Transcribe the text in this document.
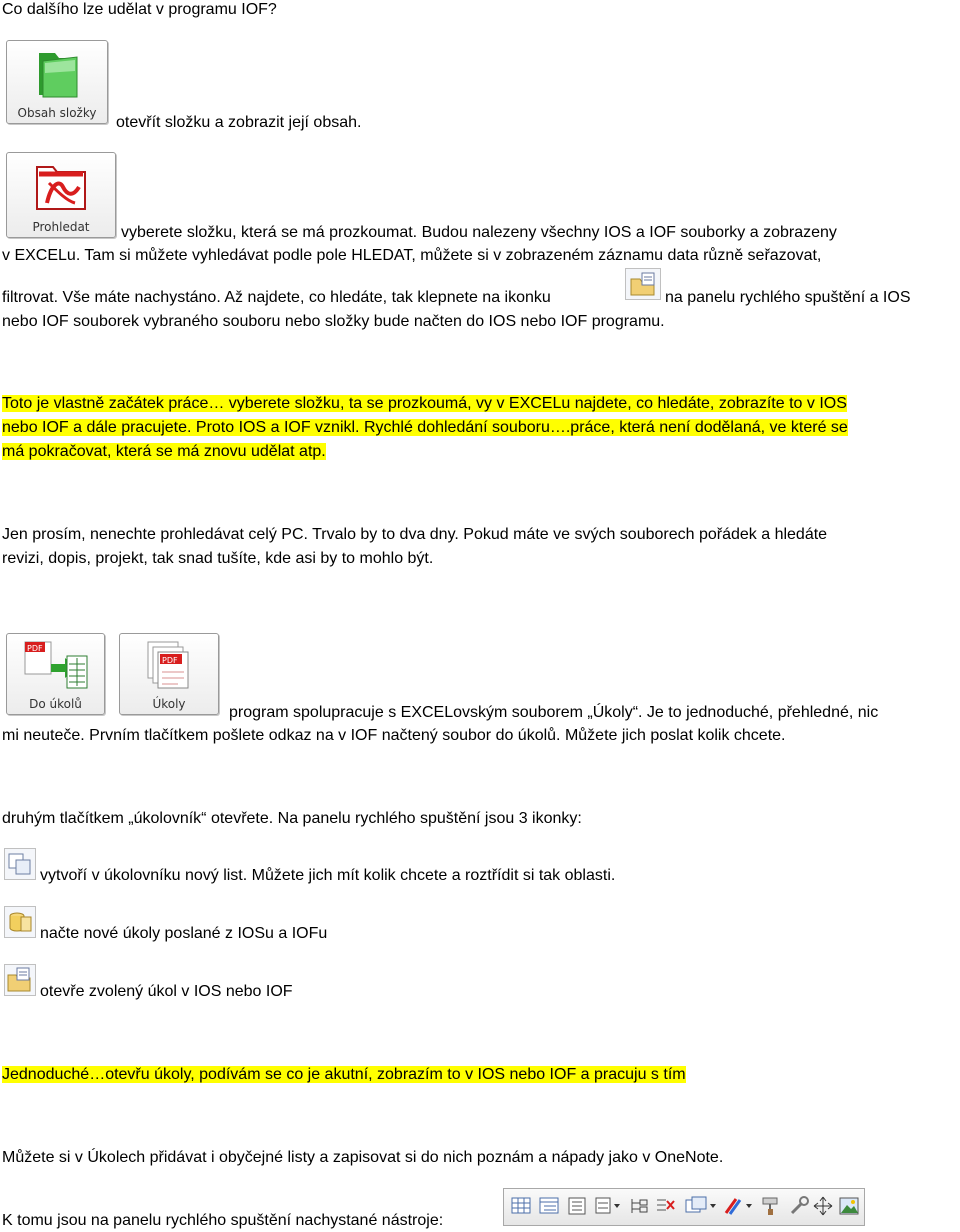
Co dalšího lze udělat v programu IOF?
Obsah složky
otevřít složku a zobrazit její obsah.
Prohledat	vyberete složku, která se má prozkoumat. Budou nalezeny všechny IOS a IOF souborky a zobrazeny
v EXCELu. Tam si můžete vyhledávat podle pole HLEDAT, můžete si v zobrazeném záznamu data různě seřazovat,
filtrovat. Vše máte nachystáno. Až najdete, co hledáte, tak klepnete na ikonku	na panelu rychlého spuštění a IOS
nebo IOF souborek vybraného souboru nebo složky bude načten do IOS nebo IOF programu.
Toto je vlastně začátek práce… vyberete složku, ta se prozkoumá, vy v EXCELu najdete, co hledáte, zobrazíte to v IOS
nebo IOF a dále pracujete. Proto IOS a IOF vznikl. Rychlé dohledání souboru….práce, která není dodělaná, ve které se
má pokračovat, která se má znovu udělat atp.
Jen prosím, nenechte prohledávat celý PC. Trvalo by to dva dny. Pokud máte ve svých souborech pořádek a hledáte
revizi, dopis, projekt, tak snad tušíte, kde asi by to mohlo být.
PDF
Do úkolů
PDF
Úkoly	program spolupracuje s EXCELovským souborem „Úkoly“. Je to jednoduché, přehledné, nic
mi neuteče. Prvním tlačítkem pošlete odkaz na v IOF načtený soubor do úkolů. Můžete jich poslat kolik chcete.
druhým tlačítkem „úkolovník“ otevřete. Na panelu rychlého spuštění jsou 3 ikonky:
vytvoří v úkolovníku nový list. Můžete jich mít kolik chcete a roztřídit si tak oblasti.
načte nové úkoly poslané z IOSu a IOFu
otevře zvolený úkol v IOS nebo IOF
Jednoduché…otevřu úkoly, podívám se co je akutní, zobrazím to v IOS nebo IOF a pracuju s tím
Můžete si v Úkolech přidávat i obyčejné listy a zapisovat si do nich poznám a nápady jako v OneNote.
K tomu jsou na panelu rychlého spuštění nachystané nástroje:
